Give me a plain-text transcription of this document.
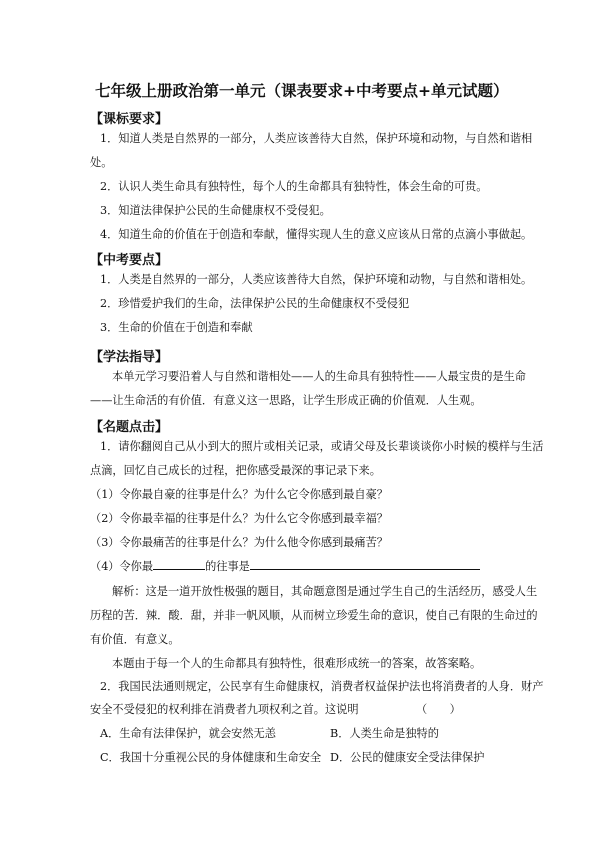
七年级上册政治第一单元（课表要求+中考要点+单元试题）
【课标要求】
1．知道人类是自然界的一部分，人类应该善待大自然，保护环境和动物，与自然和谐相
处。
2．认识人类生命具有独特性，每个人的生命都具有独特性，体会生命的可贵。
3．知道法律保护公民的生命健康权不受侵犯。
4．知道生命的价值在于创造和奉献，懂得实现人生的意义应该从日常的点滴小事做起。
【中考要点】
1．人类是自然界的一部分，人类应该善待大自然，保护环境和动物，与自然和谐相处。
2．珍惜爱护我们的生命，法律保护公民的生命健康权不受侵犯
3．生命的价值在于创造和奉献
【学法指导】
本单元学习要沿着人与自然和谐相处——人的生命具有独特性——人最宝贵的是生命
——让生命活的有价值．有意义这一思路，让学生形成正确的价值观．人生观。
【名题点击】
1．请你翻阅自己从小到大的照片或相关记录，或请父母及长辈谈谈你小时候的模样与生活
点滴，回忆自己成长的过程，把你感受最深的事记录下来。
（1）令你最自豪的往事是什么？为什么它令你感到最自豪？
（2）令你最幸福的往事是什么？为什么它令你感到最幸福？
（3）令你最痛苦的往事是什么？为什么他令你感到最痛苦？
（4）令你最	的往事是
解析：这是一道开放性极强的题目，其命题意图是通过学生自己的生活经历，感受人生
历程的苦．辣．酸．甜，并非一帆风顺，从而树立珍爱生命的意识，使自己有限的生命过的
有价值．有意义。
本题由于每一个人的生命都具有独特性，很难形成统一的答案，故答案略。
2．我国民法通则规定，公民享有生命健康权，消费者权益保护法也将消费者的人身．财产
安全不受侵犯的权利排在消费者九项权利之首。这说明	（　　）
A．生命有法律保护，就会安然无恙	B．人类生命是独特的
C．我国十分重视公民的身体健康和生命安全 D．公民的健康安全受法律保护
